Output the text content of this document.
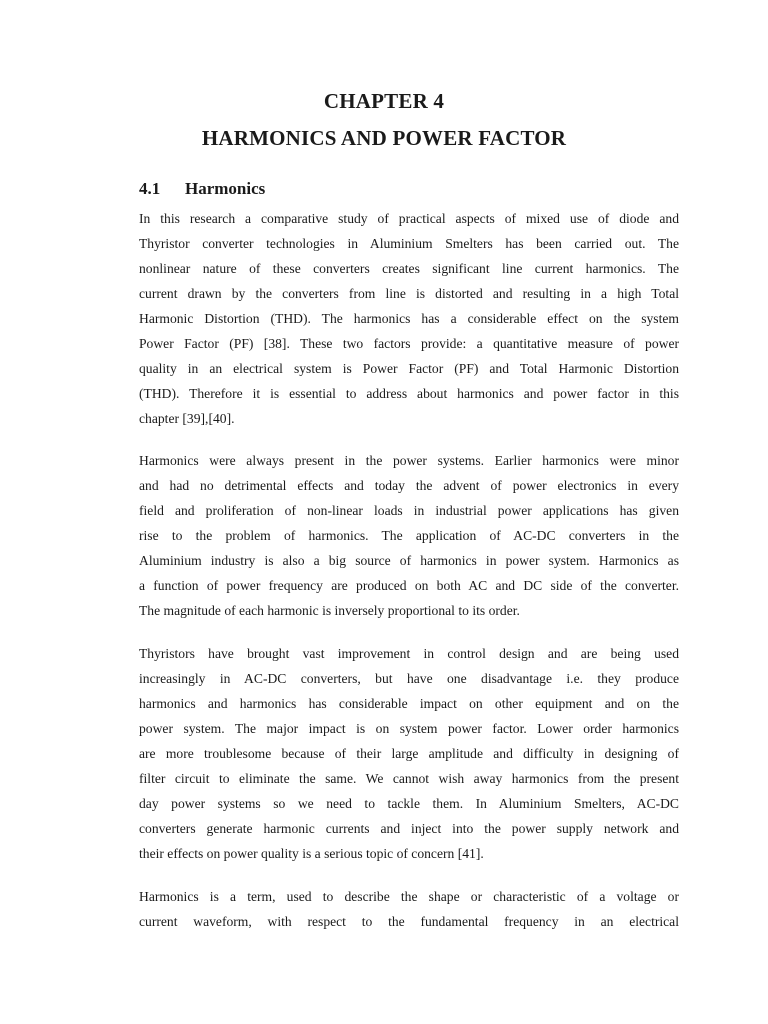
CHAPTER 4
HARMONICS AND POWER FACTOR
4.1 Harmonics

In this research a comparative study of practical aspects of mixed use of diode and
Thyristor converter technologies in Aluminium Smelters has been carried out. The
nonlinear nature of these converters creates significant line current harmonics. The
current drawn by the converters from line is distorted and resulting in a high Total
Harmonic Distortion (THD). The harmonics has a considerable effect on the system
Power Factor (PF) [38]. These two factors provide: a quantitative measure of power
quality in an electrical system is Power Factor (PF) and Total Harmonic Distortion
(THD). Therefore it is essential to address about harmonics and power factor in this
chapter [39],[40].

Harmonics were always present in the power systems. Earlier harmonics were minor
and had no detrimental effects and today the advent of power electronics in every
field and proliferation of non-linear loads in industrial power applications has given
rise to the problem of harmonics. The application of AC-DC converters in the
Aluminium industry is also a big source of harmonics in power system. Harmonics as
a function of power frequency are produced on both AC and DC side of the converter.
The magnitude of each harmonic is inversely proportional to its order.

Thyristors have brought vast improvement in control design and are being used
increasingly in AC-DC converters, but have one disadvantage i.e. they produce
harmonics and harmonics has considerable impact on other equipment and on the
power system. The major impact is on system power factor. Lower order harmonics
are more troublesome because of their large amplitude and difficulty in designing of
filter circuit to eliminate the same. We cannot wish away harmonics from the present
day power systems so we need to tackle them. In Aluminium Smelters, AC-DC
converters generate harmonic currents and inject into the power supply network and
their effects on power quality is a serious topic of concern [41].

Harmonics is a term, used to describe the shape or characteristic of a voltage or
current waveform, with respect to the fundamental frequency in an electrical
